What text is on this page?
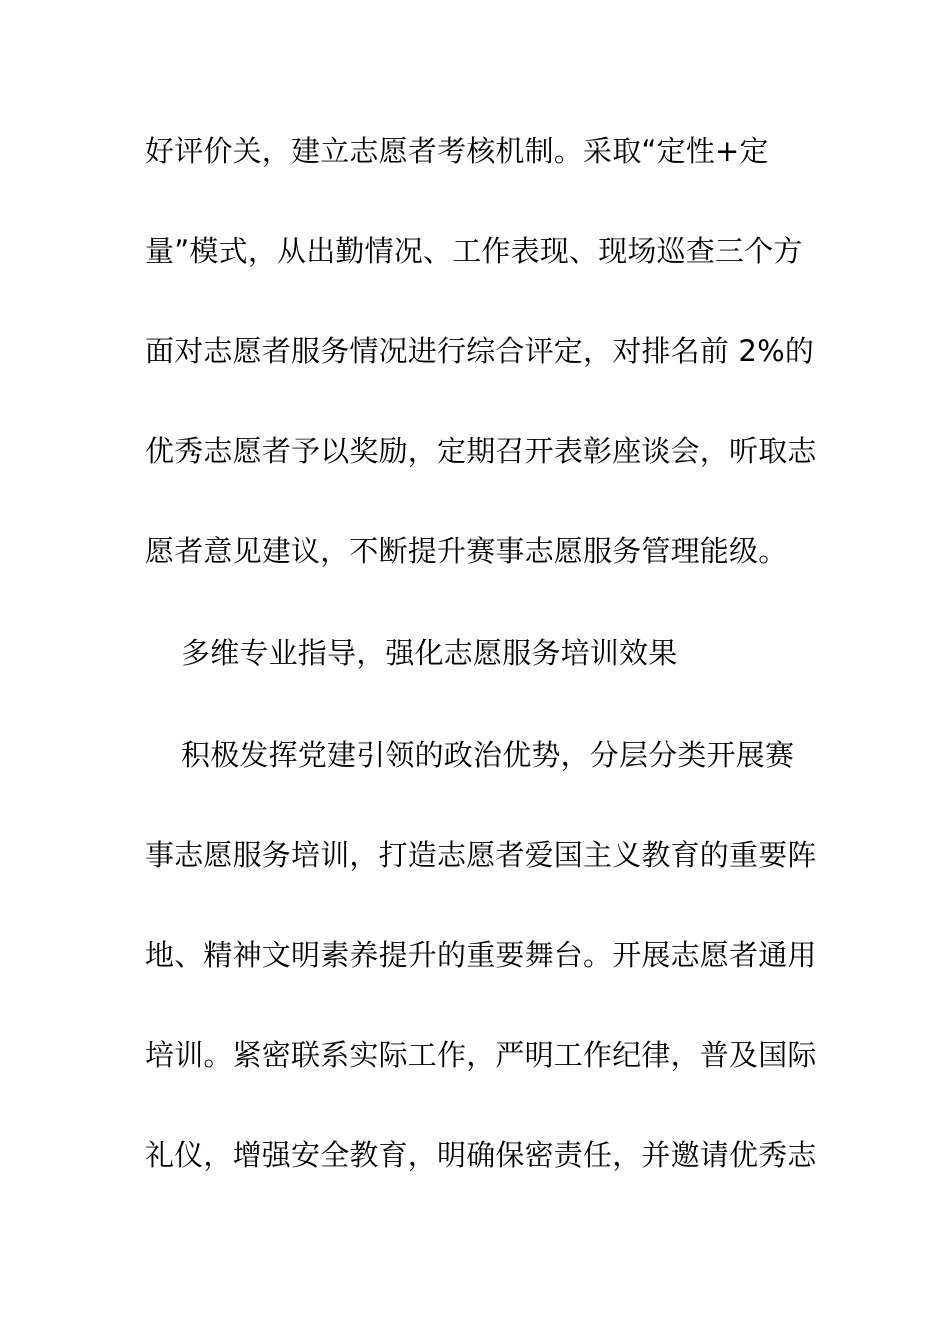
好评价关，建立志愿者考核机制。采取“定性+定
量”模式，从出勤情况、工作表现、现场巡查三个方
面对志愿者服务情况进行综合评定，对排名前 2%的
优秀志愿者予以奖励，定期召开表彰座谈会，听取志
愿者意见建议，不断提升赛事志愿服务管理能级。
多维专业指导，强化志愿服务培训效果
积极发挥党建引领的政治优势，分层分类开展赛
事志愿服务培训，打造志愿者爱国主义教育的重要阵
地、精神文明素养提升的重要舞台。开展志愿者通用
培训。紧密联系实际工作，严明工作纪律，普及国际
礼仪，增强安全教育，明确保密责任，并邀请优秀志
